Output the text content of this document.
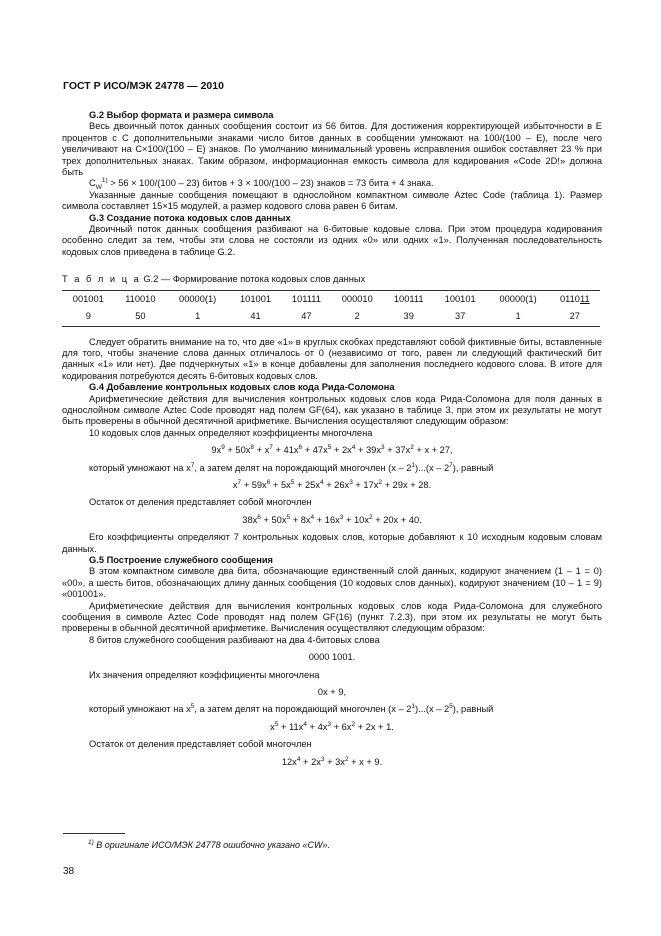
ГОСТ Р ИСО/МЭК 24778 — 2010
G.2 Выбор формата и размера символа
Весь двоичный поток данных сообщения состоит из 56 битов. Для достижения корректирующей избыточности в E процентов с C дополнительными знаками число битов данных в сообщении умножают на 100/(100 – E), после чего увеличивают на C×100/(100 – E) знаков. По умолчанию минимальный уровень исправления ошибок составляет 23 % при трех дополнительных знаках. Таким образом, информационная емкость символа для кодирования «Code 2D!» должна быть
$C_W^{1)} > 56 \times 100/(100 - 23)$ битов + 3 × 100/(100 – 23) знаков = 73 бита + 4 знака.
Указанные данные сообщения помещают в однослойном компактном символе Aztec Code (таблица 1). Размер символа составляет 15×15 модулей, а размер кодового слова равен 6 битам.
G.3 Создание потока кодовых слов данных
Двоичный поток данных сообщения разбивают на 6-битовые кодовые слова. При этом процедура кодирования особенно следит за тем, чтобы эти слова не состояли из одних «0» или одних «1». Полученная последовательность кодовых слов приведена в таблице G.2.
Т а б л и ц а G.2 — Формирование потока кодовых слов данных
001001	110010	00000(1)	101001	101111	000010	100111	100101	00000(1)	011011
9	50	1	41	47	2	39	37	1	27
Следует обратить внимание на то, что две «1» в круглых скобках представляют собой фиктивные биты, вставленные для того, чтобы значение слова данных отличалось от 0 (независимо от того, равен ли следующий фактический бит данных «1» или нет). Две подчеркнутых «1» в конце добавлены для заполнения последнего кодового слова. В итоге для кодирования потребуются десять 6-битовых кодовых слов.
G.4 Добавление контрольных кодовых слов кода Рида-Соломона
Арифметические действия для вычисления контрольных кодовых слов кода Рида-Соломона для поля данных в однослойном символе Aztec Code проводят над полем GF(64), как указано в таблице 3, при этом их результаты не могут быть проверены в обычной десятичной арифметике. Вычисления осуществляют следующим образом:
10 кодовых слов данных определяют коэффициенты многочлена
$9x^9 + 50x^8 + x^7 + 41x^6 + 47x^5 + 2x^4 + 39x^3 + 37x^2 + x + 27$,
который умножают на $x^7$, а затем делят на порождающий многочлен $(x - 2^1)...(x - 2^7)$, равный
$x^7 + 59x^6 + 5x^5 + 25x^4 + 26x^3 + 17x^2 + 29x + 28$.
Остаток от деления представляет собой многочлен
$38x^6 + 50x^5 + 8x^4 + 16x^3 + 10x^2 + 20x + 40$.
Его коэффициенты определяют 7 контрольных кодовых слов, которые добавляют к 10 исходным кодовым словам данных.
G.5 Построение служебного сообщения
В этом компактном символе два бита, обозначающие единственный слой данных, кодируют значением (1 – 1 = 0) «00», а шесть битов, обозначающих длину данных сообщения (10 кодовых слов данных), кодируют значением (10 – 1 = 9) «001001».
Арифметические действия для вычисления контрольных кодовых слов кода Рида-Соломона для служебного сообщения в символе Aztec Code проводят над полем GF(16) (пункт 7.2.3), при этом их результаты не могут быть проверены в обычной десятичной арифметике. Вычисления осуществляют следующим образом:
8 битов служебного сообщения разбивают на два 4-битовых слова
0000 1001.
Их значения определяют коэффициенты многочлена
0x + 9,
который умножают на $x^5$, а затем делят на порождающий многочлен $(x - 2^1)...(x - 2^5)$, равный
$x^5 + 11x^4 + 4x^3 + 6x^2 + 2x + 1$.
Остаток от деления представляет собой многочлен
$12x^4 + 2x^3 + 3x^2 + x + 9$.
$^{1)}$ В оригинале ИСО/МЭК 24778 ошибочно указано «CW».
38
